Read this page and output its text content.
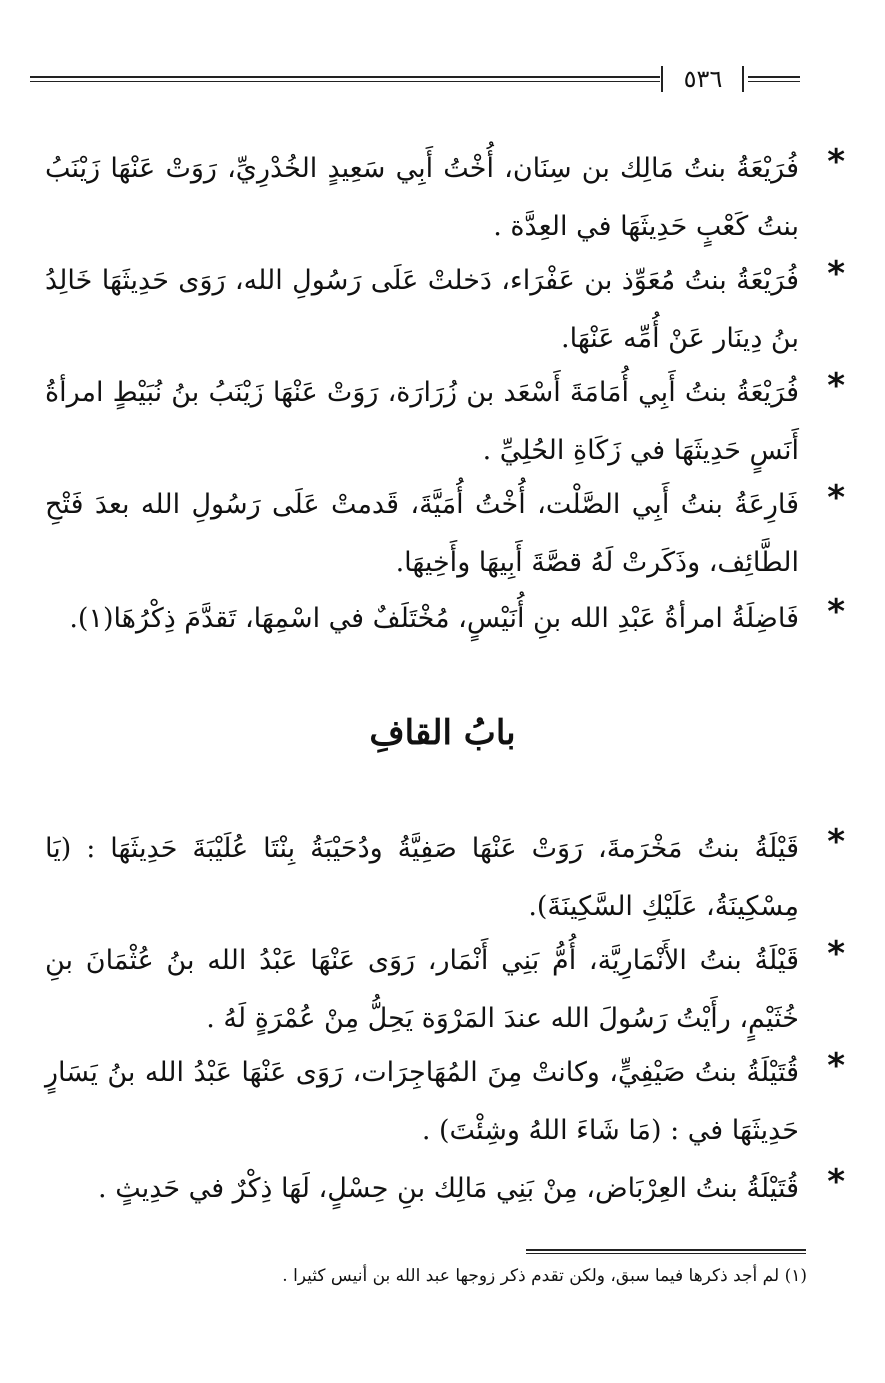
٥٣٦
*
فُرَيْعَةُ بنتُ مَالِك بن سِنَان، أُخْتُ أَبِي سَعِيدٍ الخُدْرِيِّ، رَوَتْ عَنْهَا زَيْنَبُ بنتُ كَعْبٍ حَدِيثَهَا في العِدَّة .
*
فُرَيْعَةُ بنتُ مُعَوِّذ بن عَفْرَاء، دَخلتْ عَلَى رَسُولِ الله، رَوَى حَدِيثَهَا خَالِدُ بنُ دِينَار عَنْ أُمِّه عَنْهَا.
*
فُرَيْعَةُ بنتُ أَبِي أُمَامَةَ أَسْعَد بن زُرَارَة، رَوَتْ عَنْهَا زَيْنَبُ بنُ نُبَيْطٍ امرأةُ أَنَسٍ حَدِيثَهَا في زَكَاةِ الحُلِيِّ .
*
فَارِعَةُ بنتُ أَبِي الصَّلْت، أُخْتُ أُمَيَّةَ، قَدمتْ عَلَى رَسُولِ الله بعدَ فَتْحِ الطَّائِف، وذَكَرتْ لَهُ قصَّةَ أَبِيهَا وأَخِيهَا.
*
فَاضِلَةُ امرأةُ عَبْدِ الله بنِ أُنَيْسٍ، مُخْتَلَفٌ في اسْمِهَا، تَقدَّمَ ذِكْرُهَا(١).
بابُ القافِ
*
قَيْلَةُ بنتُ مَخْرَمةَ، رَوَتْ عَنْهَا صَفِيَّةُ ودُحَيْبَةُ بِنْتَا عُلَيْبَةَ حَدِيثَهَا : (يَا مِسْكِينَةُ، عَلَيْكِ السَّكِينَةَ).
*
قَيْلَةُ بنتُ الأَنْمَارِيَّة، أُمُّ بَنِي أَنْمَار، رَوَى عَنْهَا عَبْدُ الله بنُ عُثْمَانَ بنِ خُثَيْمٍ، رأَيْتُ رَسُولَ الله عندَ المَرْوَة يَحِلُّ مِنْ عُمْرَةٍ لَهُ .
*
قُتَيْلَةُ بنتُ صَيْفِيٍّ، وكانتْ مِنَ المُهَاجِرَات، رَوَى عَنْهَا عَبْدُ الله بنُ يَسَارٍ حَدِيثَهَا في : (مَا شَاءَ اللهُ وشِئْتَ) .
*
قُتَيْلَةُ بنتُ العِرْبَاض، مِنْ بَنِي مَالِك بنِ حِسْلٍ، لَهَا ذِكْرٌ في حَدِيثٍ .
(١) لم أجد ذكرها فيما سبق، ولكن تقدم ذكر زوجها عبد الله بن أنيس كثيرا .
